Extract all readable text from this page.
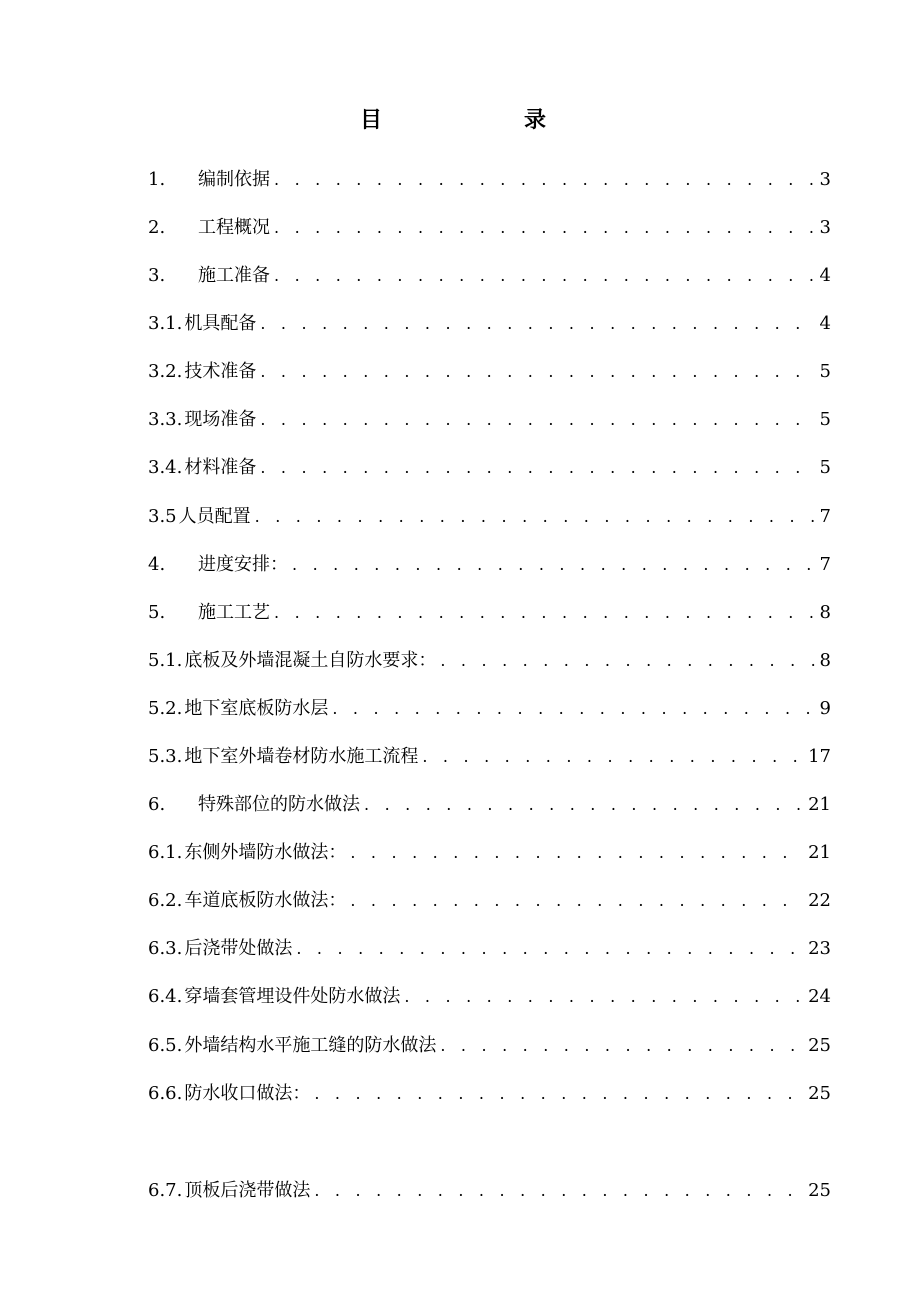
目　录
1.	编制依据 . . .	3
2.	工程概况 . . .	3
3.	施工准备 . . .	4
3.1. 机具配备 . . .	4
3.2. 技术准备 . . .	5
3.3. 现场准备 . . .	5
3.4. 材料准备 . . .	5
3.5 人员配置 . . .	7
4.	进度安排： . . .	7
5.	施工工艺 . . .	8
5.1. 底板及外墙混凝土自防水要求： . . .	8
5.2. 地下室底板防水层 . . .	9
5.3. 地下室外墙卷材防水施工流程 . . .	17
6.	特殊部位的防水做法 . . .	21
6.1. 东侧外墙防水做法： . . .	21
6.2. 车道底板防水做法： . . .	22
6.3. 后浇带处做法 . . .	23
6.4. 穿墙套管埋设件处防水做法 . . .	24
6.5. 外墙结构水平施工缝的防水做法 . . .	25
6.6. 防水收口做法： . . .	25
6.7. 顶板后浇带做法 . . .	25
